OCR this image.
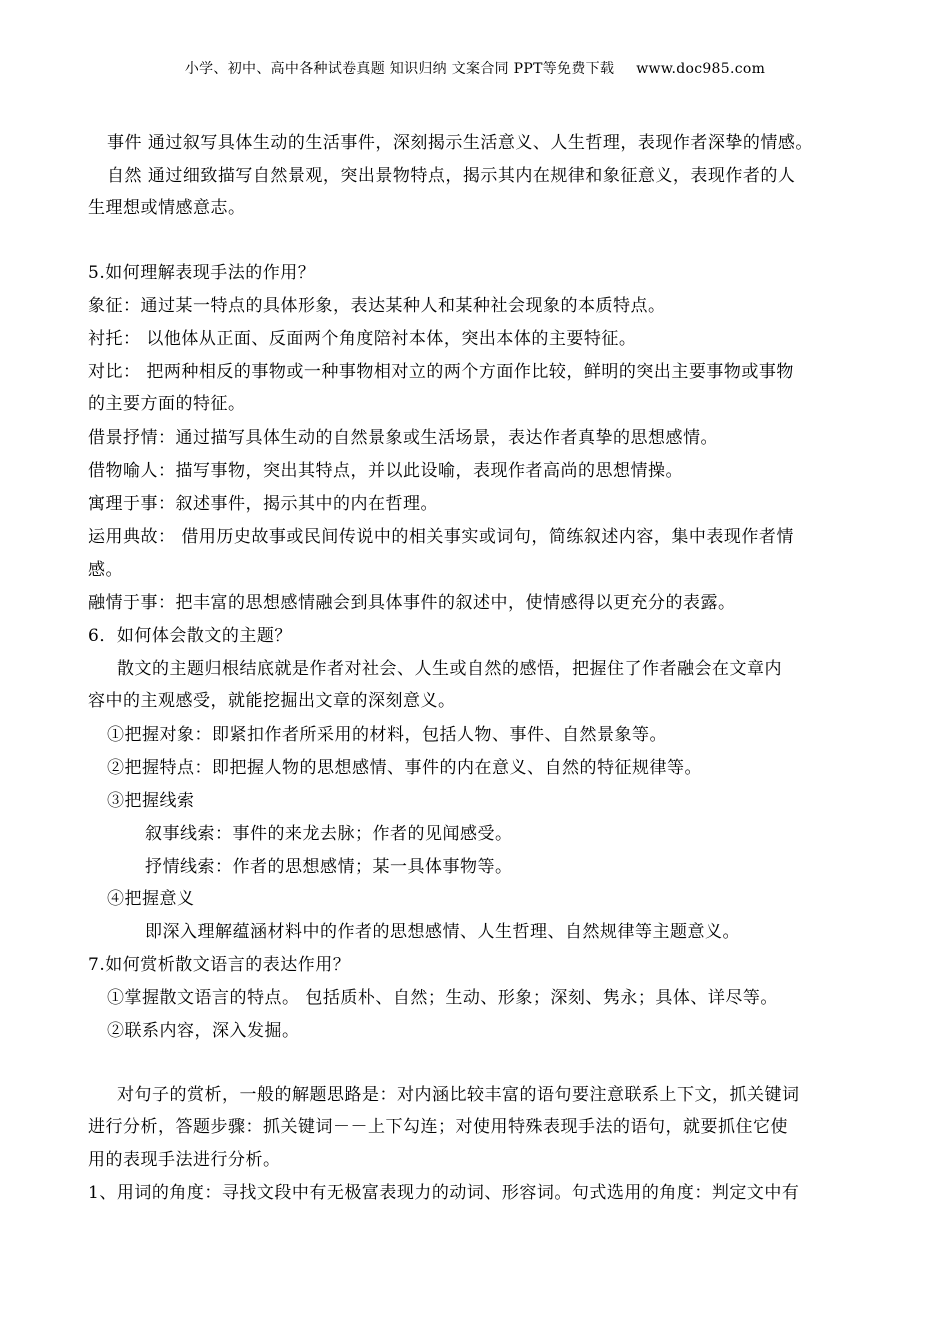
小学、初中、高中各种试卷真题 知识归纳 文案合同 PPT等免费下载 www.doc985.com
事件 通过叙写具体生动的生活事件，深刻揭示生活意义、人生哲理，表现作者深挚的情感。
自然 通过细致描写自然景观，突出景物特点，揭示其内在规律和象征意义，表现作者的人
生理想或情感意志。
5.如何理解表现手法的作用？
象征：通过某一特点的具体形象，表达某种人和某种社会现象的本质特点。
衬托： 以他体从正面、反面两个角度陪衬本体，突出本体的主要特征。
对比： 把两种相反的事物或一种事物相对立的两个方面作比较，鲜明的突出主要事物或事物
的主要方面的特征。
借景抒情：通过描写具体生动的自然景象或生活场景，表达作者真挚的思想感情。
借物喻人：描写事物，突出其特点，并以此设喻，表现作者高尚的思想情操。
寓理于事：叙述事件，揭示其中的内在哲理。
运用典故： 借用历史故事或民间传说中的相关事实或词句，简练叙述内容，集中表现作者情
感。
融情于事：把丰富的思想感情融会到具体事件的叙述中，使情感得以更充分的表露。
6．如何体会散文的主题？
散文的主题归根结底就是作者对社会、人生或自然的感悟，把握住了作者融会在文章内
容中的主观感受，就能挖掘出文章的深刻意义。
①把握对象：即紧扣作者所采用的材料，包括人物、事件、自然景象等。
②把握特点：即把握人物的思想感情、事件的内在意义、自然的特征规律等。
③把握线索
叙事线索：事件的来龙去脉；作者的见闻感受。
抒情线索：作者的思想感情；某一具体事物等。
④把握意义
即深入理解蕴涵材料中的作者的思想感情、人生哲理、自然规律等主题意义。
7.如何赏析散文语言的表达作用？
①掌握散文语言的特点。 包括质朴、自然；生动、形象；深刻、隽永；具体、详尽等。
②联系内容，深入发掘。
对句子的赏析，一般的解题思路是：对内涵比较丰富的语句要注意联系上下文，抓关键词
进行分析，答题步骤：抓关键词－－上下勾连；对使用特殊表现手法的语句，就要抓住它使
用的表现手法进行分析。
1、用词的角度：寻找文段中有无极富表现力的动词、形容词。句式选用的角度：判定文中有
